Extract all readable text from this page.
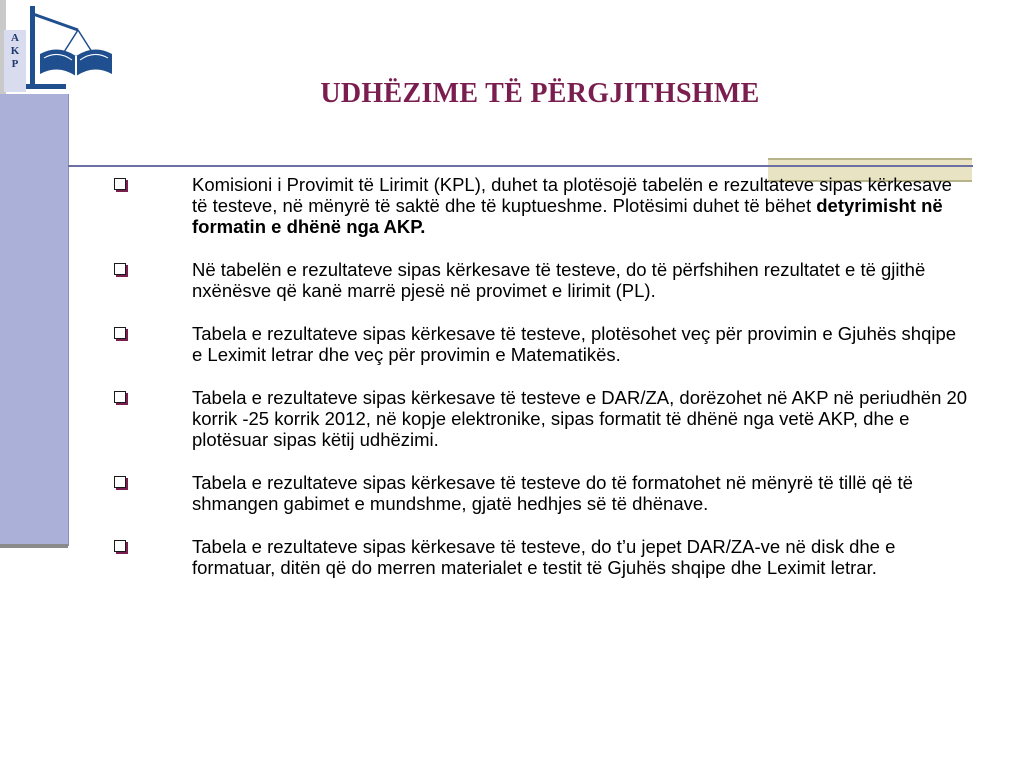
A
K
P
UDHËZIME TË PËRGJITHSHME
Komisioni i Provimit të Lirimit (KPL), duhet ta plotësojë tabelën e rezultateve sipas kërkesave të testeve, në mënyrë të saktë dhe të kuptueshme. Plotësimi duhet të bëhet detyrimisht në formatin e dhënë nga AKP.
Në tabelën e rezultateve sipas kërkesave të testeve, do të përfshihen rezultatet e të gjithë nxënësve që kanë marrë pjesë në provimet e lirimit (PL).
Tabela e rezultateve sipas kërkesave të testeve, plotësohet veç për provimin e Gjuhës shqipe e Leximit letrar dhe veç për provimin e Matematikës.
Tabela e rezultateve sipas kërkesave të testeve e DAR/ZA, dorëzohet në AKP në periudhën 20 korrik -25 korrik 2012, në kopje elektronike, sipas formatit të dhënë nga vetë AKP, dhe e plotësuar sipas këtij udhëzimi.
Tabela e rezultateve sipas kërkesave të testeve do të formatohet në mënyrë të tillë që të shmangen gabimet e mundshme, gjatë hedhjes së të dhënave.
Tabela e rezultateve sipas kërkesave të testeve, do t’u jepet DAR/ZA-ve në disk dhe e formatuar, ditën që do merren materialet e testit të Gjuhës shqipe dhe Leximit letrar.
